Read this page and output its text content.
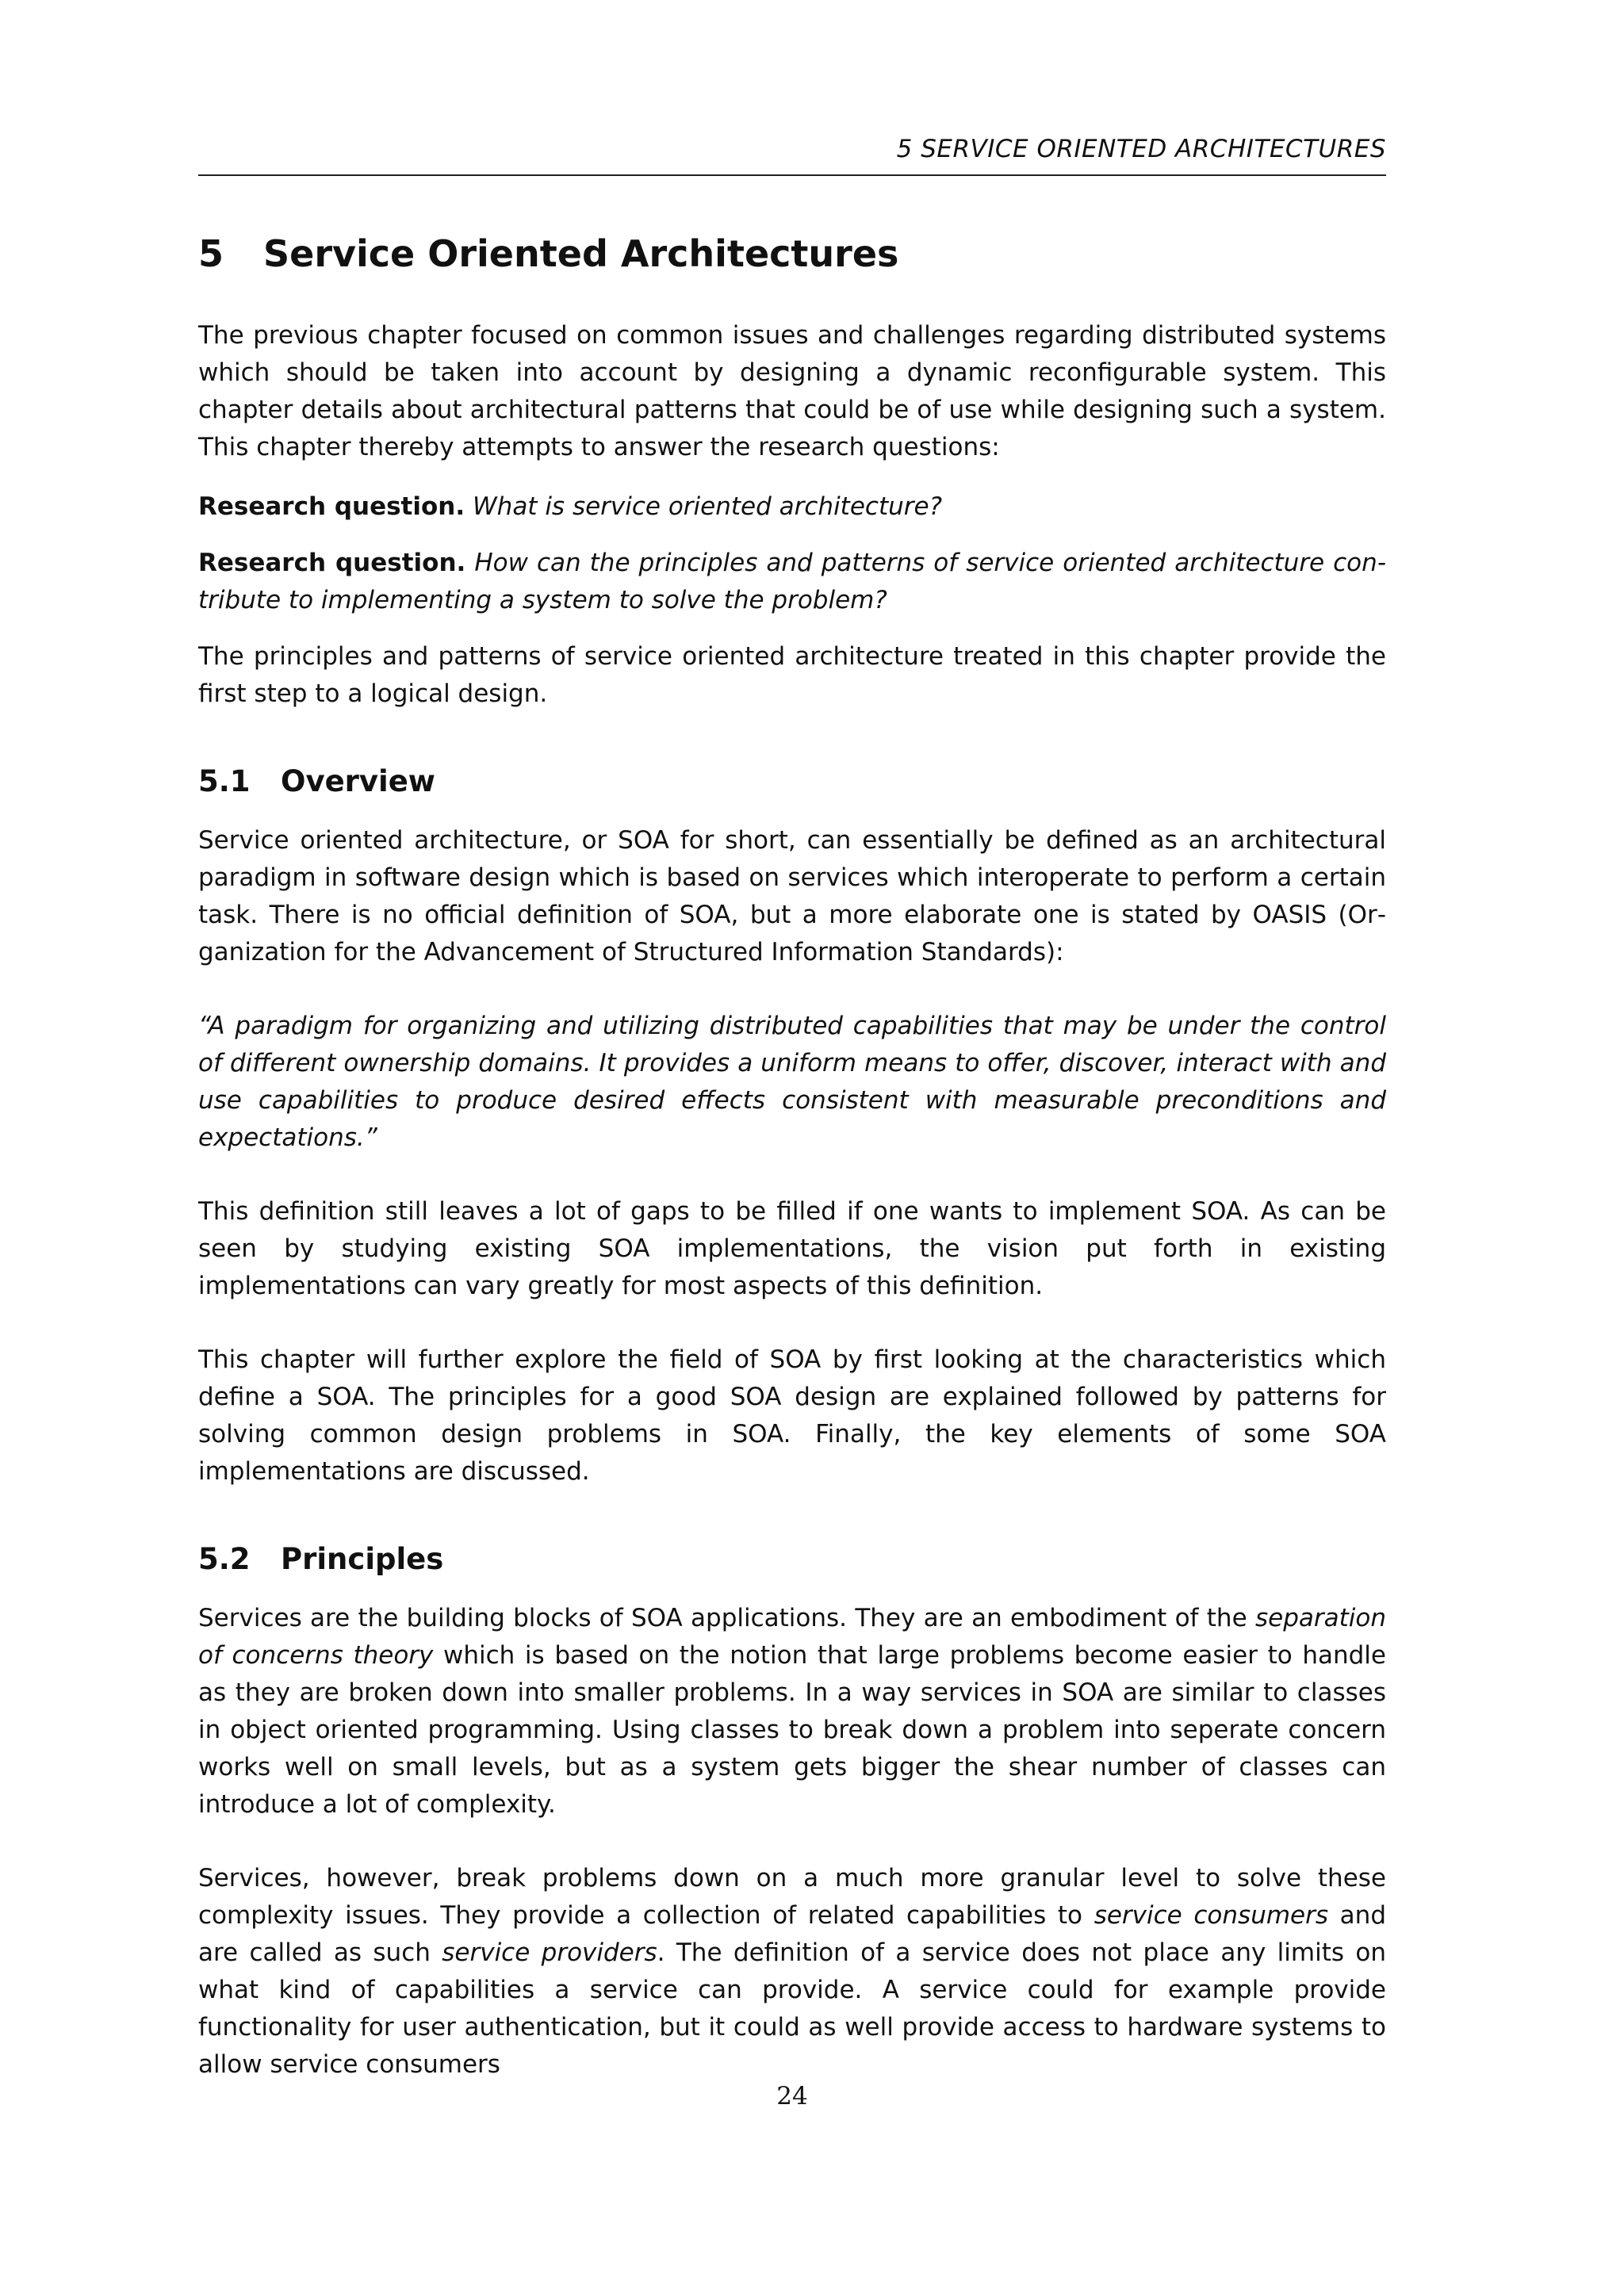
5 SERVICE ORIENTED ARCHITECTURES
5 Service Oriented Architectures

The previous chapter focused on common issues and challenges regarding distributed systems which should be taken into account by designing a dynamic reconfigurable system. This chapter details about architectural patterns that could be of use while designing such a system. This chapter thereby attempts to answer the research questions:

Research question. What is service oriented architecture?

Research question. How can the principles and patterns of service oriented architecture contribute to implementing a system to solve the problem?

The principles and patterns of service oriented architecture treated in this chapter provide the first step to a logical design.

5.1 Overview

Service oriented architecture, or SOA for short, can essentially be defined as an architectural paradigm in software design which is based on services which interoperate to perform a certain task. There is no official definition of SOA, but a more elaborate one is stated by OASIS (Organization for the Advancement of Structured Information Standards):

“A paradigm for organizing and utilizing distributed capabilities that may be under the control of different ownership domains. It provides a uniform means to offer, discover, interact with and use capabilities to produce desired effects consistent with measurable preconditions and expectations.”

This definition still leaves a lot of gaps to be filled if one wants to implement SOA. As can be seen by studying existing SOA implementations, the vision put forth in existing implementations can vary greatly for most aspects of this definition.

This chapter will further explore the field of SOA by first looking at the characteristics which define a SOA. The principles for a good SOA design are explained followed by patterns for solving common design problems in SOA. Finally, the key elements of some SOA implementations are discussed.

5.2 Principles

Services are the building blocks of SOA applications. They are an embodiment of the separation of concerns theory which is based on the notion that large problems become easier to handle as they are broken down into smaller problems. In a way services in SOA are similar to classes in object oriented programming. Using classes to break down a problem into seperate concern works well on small levels, but as a system gets bigger the shear number of classes can introduce a lot of complexity.

Services, however, break problems down on a much more granular level to solve these complexity issues. They provide a collection of related capabilities to service consumers and are called as such service providers. The definition of a service does not place any limits on what kind of capabilities a service can provide. A service could for example provide functionality for user authentication, but it could as well provide access to hardware systems to allow service consumers

24
